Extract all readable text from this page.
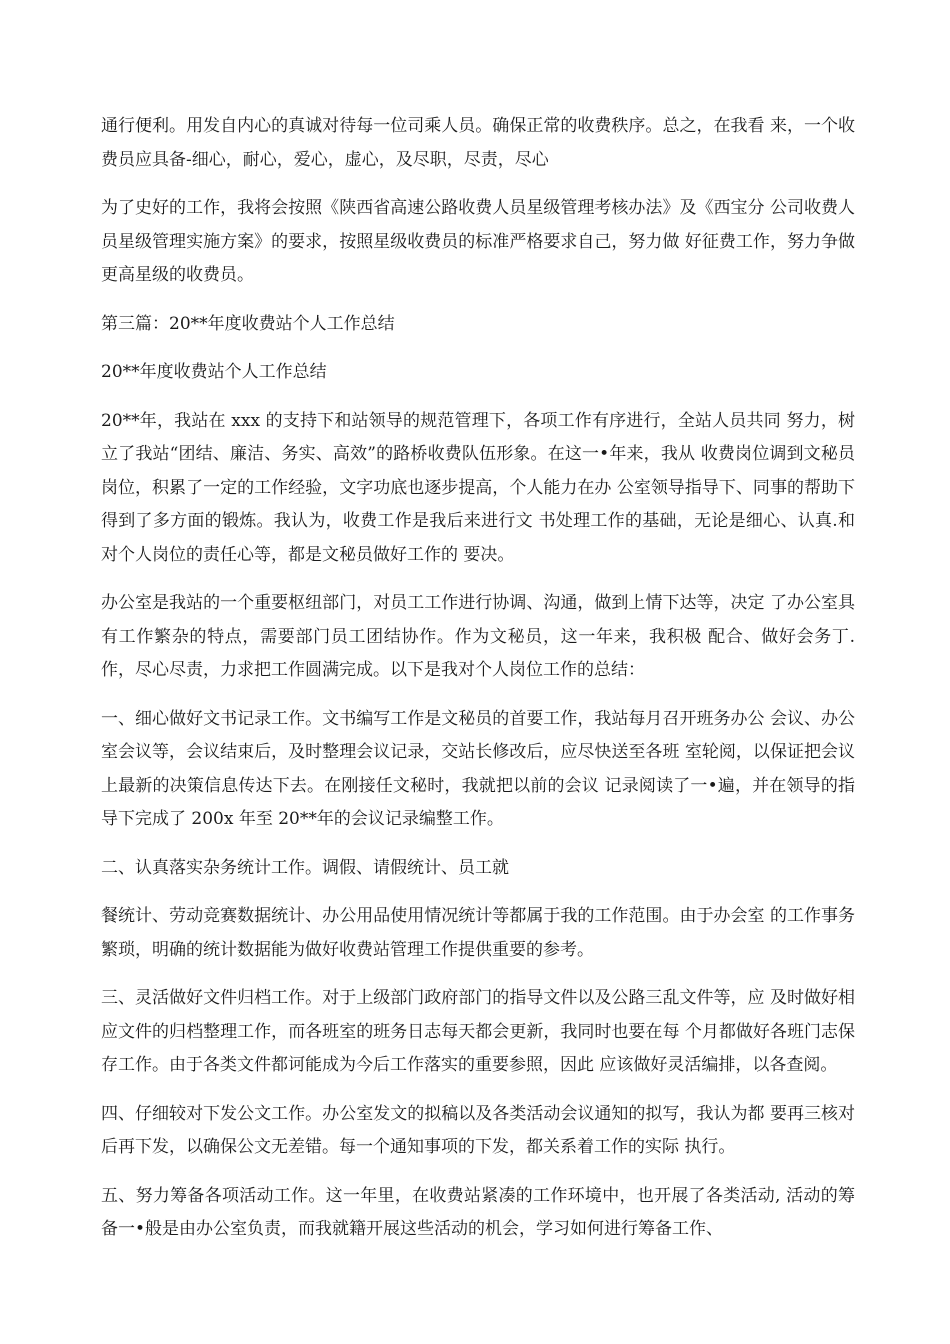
通行便利。用发自内心的真诚对待每一位司乘人员。确保正常的收费秩序。总之，在我看 来，一个收费员应具备-细心，耐心，爱心，虚心，及尽职，尽责，尽心

为了史好的工作，我将会按照《陕西省高速公路收费人员星级管理考核办法》及《西宝分 公司收费人员星级管理实施方案》的要求，按照星级收费员的标准严格要求自己，努力做 好征费工作，努力争做更高星级的收费员。

第三篇：20**年度收费站个人工作总结

20**年度收费站个人工作总结

20**年，我站在 xxx 的支持下和站领导的规范管理下，各项工作有序进行，全站人员共同 努力，树立了我站“团结、廉洁、务实、高效”的路桥收费队伍形象。在这一•年来，我从 收费岗位调到文秘员岗位，积累了一定的工作经验，文字功底也逐步提高，个人能力在办 公室领导指导下、同事的帮助下得到了多方面的锻炼。我认为，收费工作是我后来进行文 书处理工作的基础，无论是细心、认真.和对个人岗位的责任心等，都是文秘员做好工作的 要决。

办公室是我站的一个重要枢纽部门，对员工工作进行协调、沟通，做到上情下达等，决定 了办公室具有工作繁杂的特点，需要部门员工团结协作。作为文秘员，这一年来，我积极 配合、做好会务丁.作，尽心尽责，力求把工作圆满完成。以下是我对个人岗位工作的总结：

一、细心做好文书记录工作。文书编写工作是文秘员的首要工作，我站每月召开班务办公 会议、办公室会议等，会议结束后，及时整理会议记录，交站长修改后，应尽快送至各班 室轮阅，以保证把会议上最新的决策信息传达下去。在刚接任文秘时，我就把以前的会议 记录阅读了一•遍，并在领导的指导下完成了 200x 年至 20**年的会议记录编整工作。

二、认真落实杂务统计工作。调假、请假统计、员工就

餐统计、劳动竞赛数据统计、办公用品使用情况统计等都属于我的工作范围。由于办会室 的工作事务繁琐，明确的统计数据能为做好收费站管理工作提供重要的参考。

三、灵活做好文件归档工作。对于上级部门政府部门的指导文件以及公路三乱文件等，应 及时做好相应文件的归档整理工作，而各班室的班务日志每天都会更新，我同时也要在每 个月都做好各班门志保存工作。由于各类文件都诃能成为今后工作落实的重要参照，因此 应该做好灵活编排，以各查阅。

四、仔细较对下发公文工作。办公室发文的拟稿以及各类活动会议通知的拟写，我认为都 要再三核对后再下发，以确保公文无差错。每一个通知事项的下发，都关系着工作的实际 执行。

五、努力筹备各项活动工作。这一年里，在收费站紧凑的工作环境中，也开展了各类活动, 活动的筹备一•般是由办公室负责，而我就籍开展这些活动的机会，学习如何进行筹备工作、
